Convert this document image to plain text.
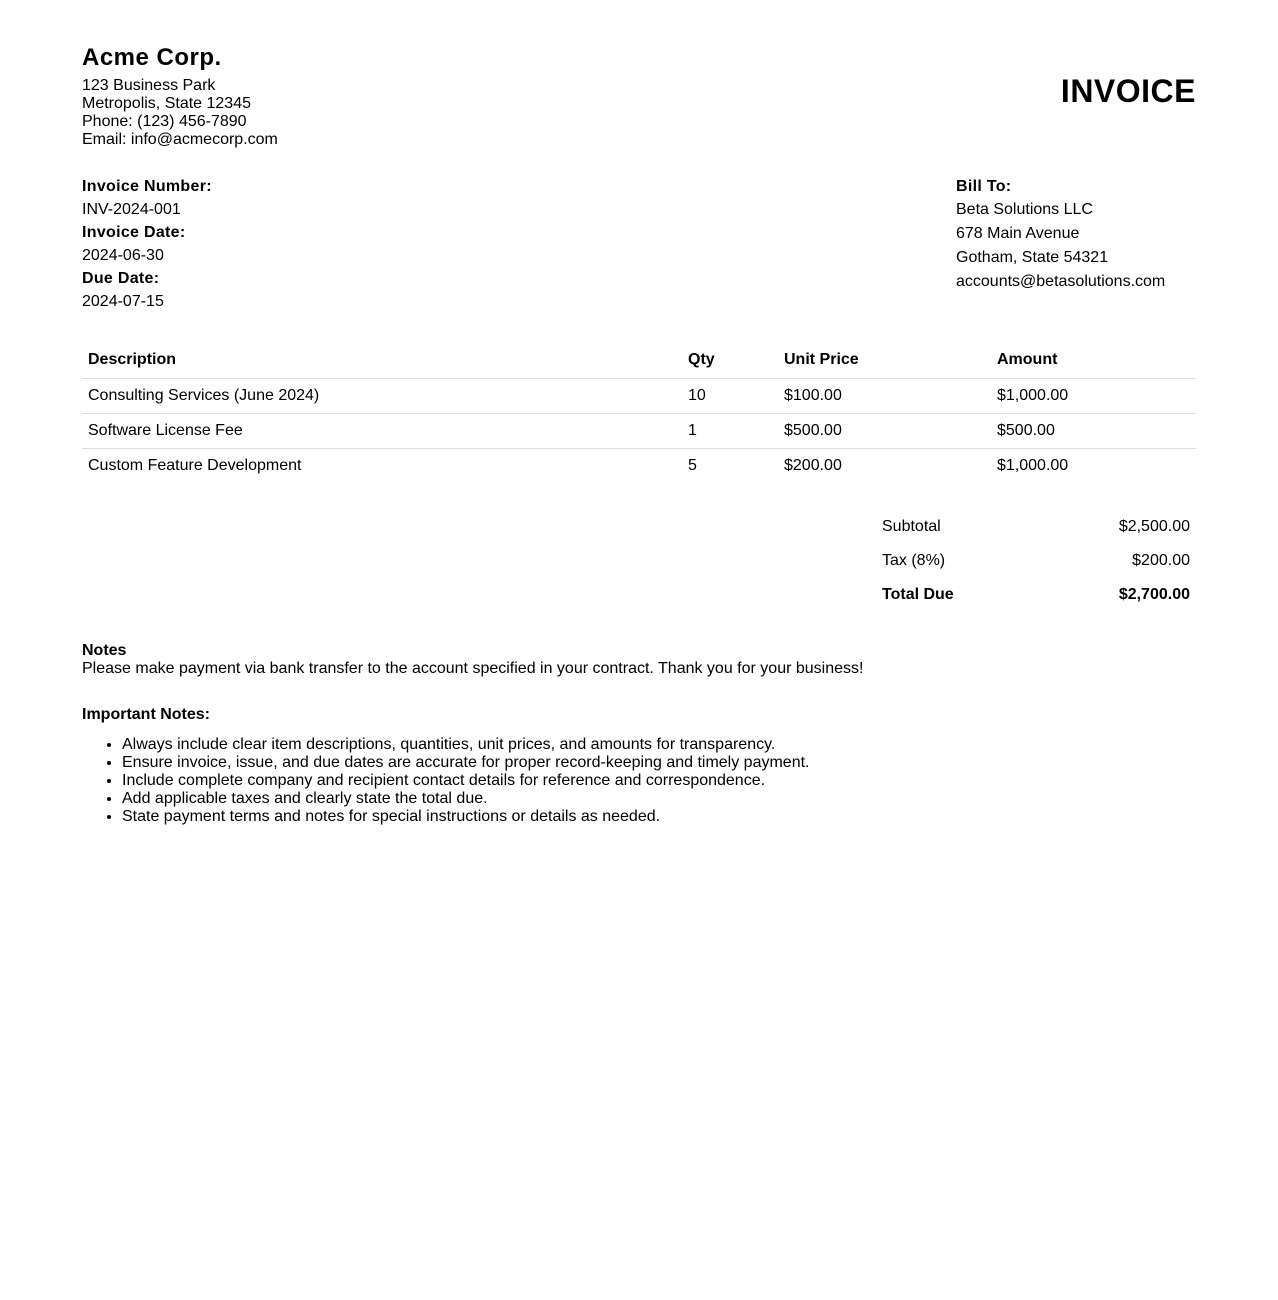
Acme Corp.
123 Business Park
Metropolis, State 12345
Phone: (123) 456-7890
Email: info@acmecorp.com
INVOICE
Invoice Number:
INV-2024-001
Invoice Date:
2024-06-30
Due Date:
2024-07-15
Bill To:
Beta Solutions LLC
678 Main Avenue
Gotham, State 54321
accounts@betasolutions.com
Description	Qty	Unit Price	Amount
Consulting Services (June 2024)	10	$100.00	$1,000.00
Software License Fee	1	$500.00	$500.00
Custom Feature Development	5	$200.00	$1,000.00
Subtotal	$2,500.00
Tax (8%)	$200.00
Total Due	$2,700.00
Notes
Please make payment via bank transfer to the account specified in your contract. Thank you for your business!
Important Notes:
• Always include clear item descriptions, quantities, unit prices, and amounts for transparency.
• Ensure invoice, issue, and due dates are accurate for proper record-keeping and timely payment.
• Include complete company and recipient contact details for reference and correspondence.
• Add applicable taxes and clearly state the total due.
• State payment terms and notes for special instructions or details as needed.
